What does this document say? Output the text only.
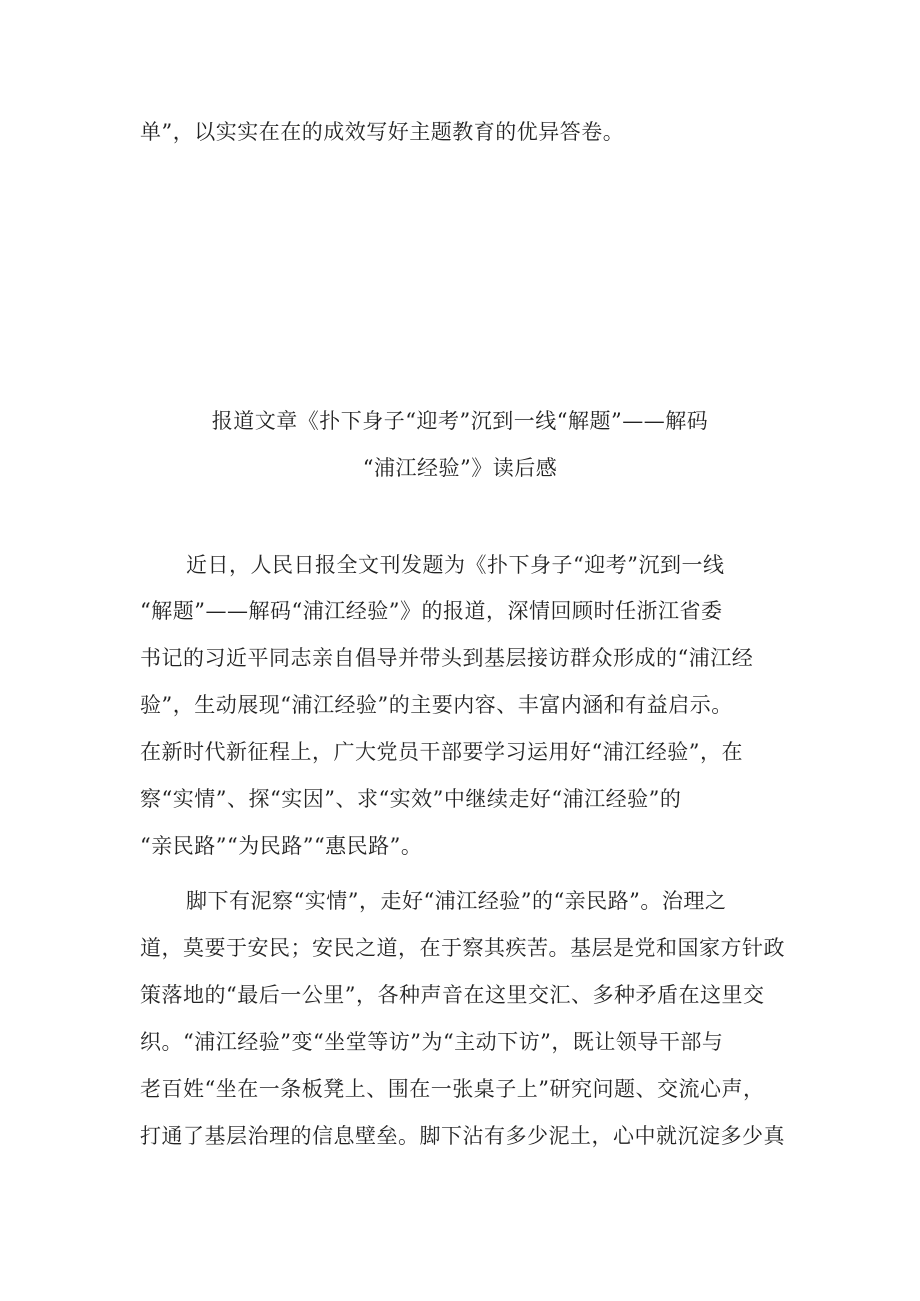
单”，以实实在在的成效写好主题教育的优异答卷。
报道文章《扑下身子“迎考”沉到一线“解题”——解码
“浦江经验”》读后感
近日，人民日报全文刊发题为《扑下身子“迎考”沉到一线
“解题”——解码“浦江经验”》的报道，深情回顾时任浙江省委
书记的习近平同志亲自倡导并带头到基层接访群众形成的“浦江经
验”，生动展现“浦江经验”的主要内容、丰富内涵和有益启示。
在新时代新征程上，广大党员干部要学习运用好“浦江经验”，在
察“实情”、探“实因”、求“实效”中继续走好“浦江经验”的
“亲民路”“为民路”“惠民路”。
脚下有泥察“实情”，走好“浦江经验”的“亲民路”。治理之
道，莫要于安民；安民之道，在于察其疾苦。基层是党和国家方针政
策落地的“最后一公里”，各种声音在这里交汇、多种矛盾在这里交
织。“浦江经验”变“坐堂等访”为“主动下访”，既让领导干部与
老百姓“坐在一条板凳上、围在一张桌子上”研究问题、交流心声，
打通了基层治理的信息壁垒。脚下沾有多少泥土，心中就沉淀多少真
